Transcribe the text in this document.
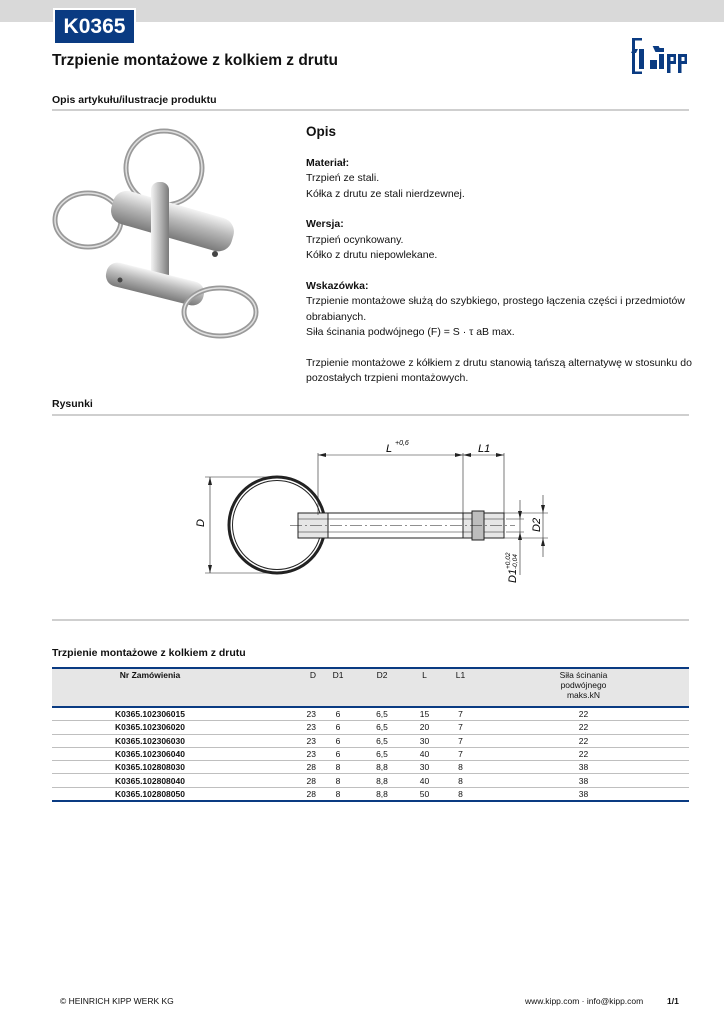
K0365
Trzpienie montażowe z kolkiem z drutu
Opis artykułu/ilustracje produktu
Opis
Materiał:
Trzpień ze stali.
Kółka z drutu ze stali nierdzewnej.
Wersja:
Trzpień ocynkowany.
Kółko z drutu niepowlekane.
Wskazówka:
Trzpienie montażowe służą do szybkiego, prostego łączenia części i przedmiotów
obrabianych.
Siła ścinania podwójnego (F) = S · τ aB max.
Trzpienie montażowe z kółkiem z drutu stanowią tańszą alternatywę w stosunku do
pozostałych trzpieni montażowych.
Rysunki
L +0,6	L1
D	D2
D1
+0,02 -0,04
Trzpienie montażowe z kolkiem z drutu
Nr Zamówienia	D	D1	D2	L	L1	Siła ścinania
podwójnego
maks.kN

K0365.102306015	23	6	6,5	15	7	22
K0365.102306020	23	6	6,5	20	7	22
K0365.102306030	23	6	6,5	30	7	22
K0365.102306040	23	6	6,5	40	7	22
K0365.102808030	28	8	8,8	30	8	38
K0365.102808040	28	8	8,8	40	8	38
K0365.102808050	28	8	8,8	50	8	38
© HEINRICH KIPP WERK KG	www.kipp.com · info@kipp.com	1/1
